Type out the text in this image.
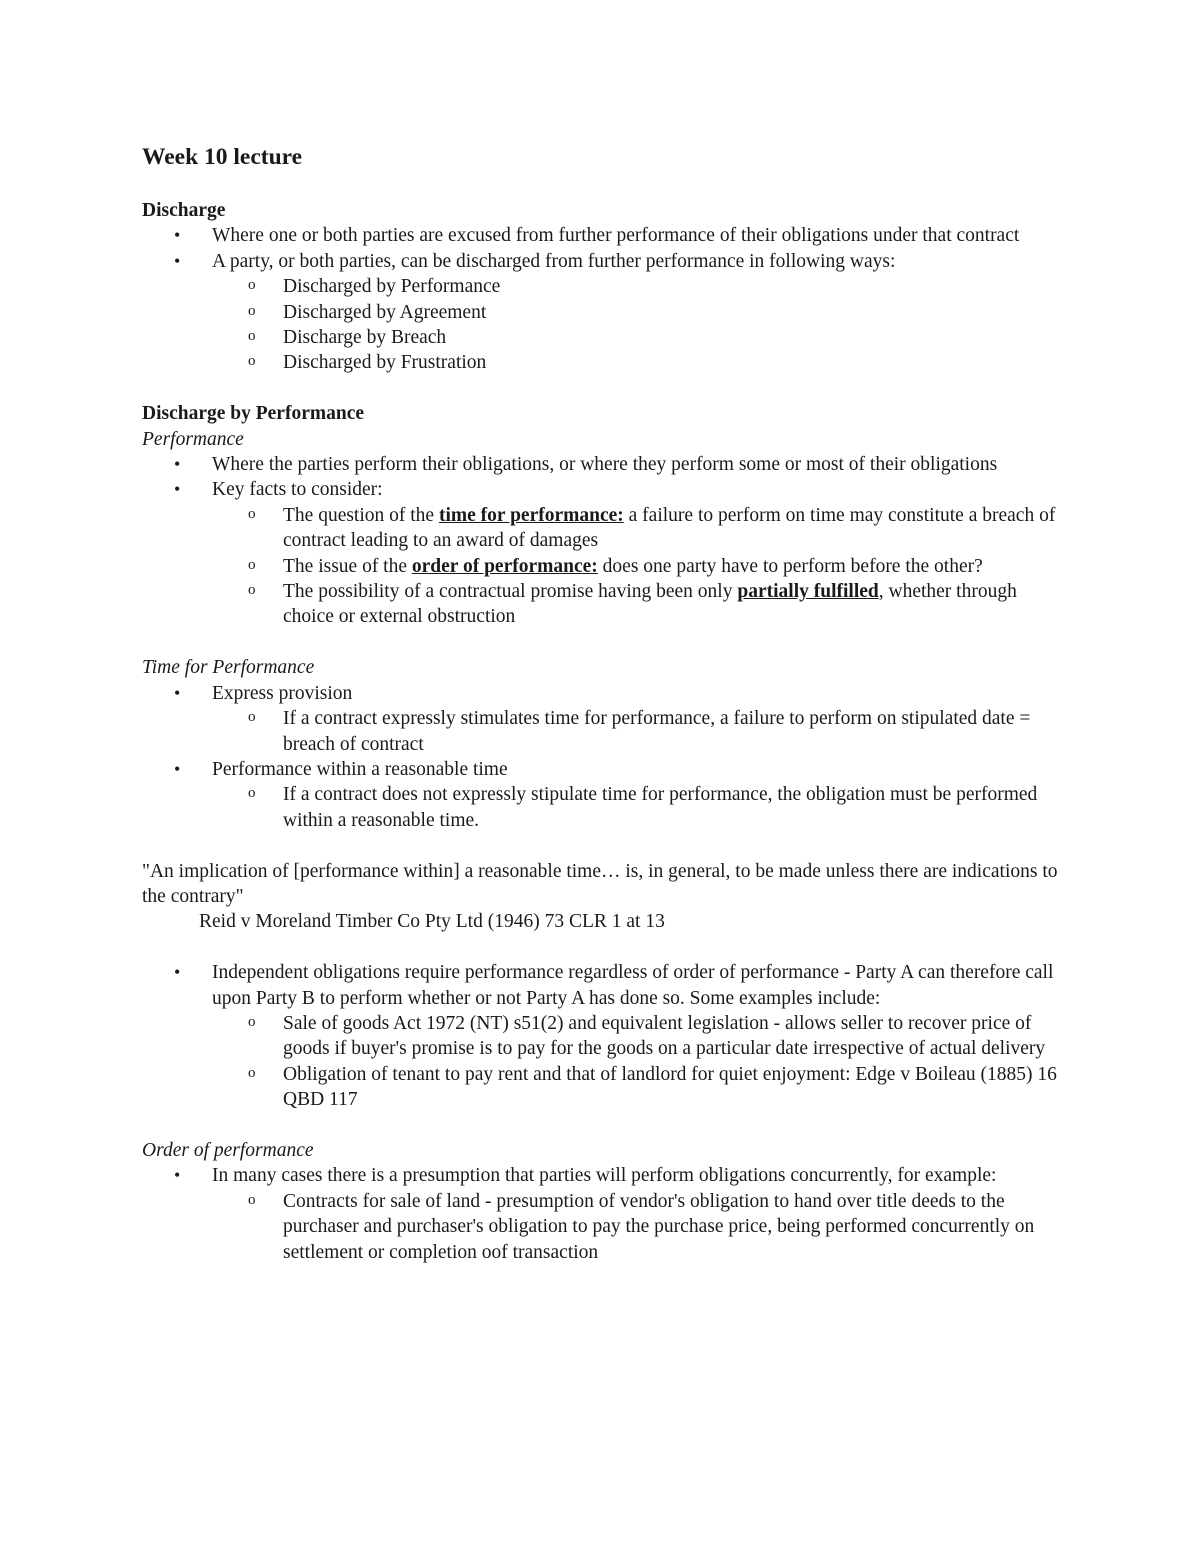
Week 10 lecture

Discharge

• Where one or both parties are excused from further performance of their obligations under that contract
• A party, or both parties, can be discharged from further performance in following ways:
o Discharged by Performance
o Discharged by Agreement
o Discharge by Breach
o Discharged by Frustration

Discharge by Performance

Performance

• Where the parties perform their obligations, or where they perform some or most of their obligations
• Key facts to consider:
o The question of the time for performance: a failure to perform on time may constitute a breach of contract leading to an award of damages
o The issue of the order of performance: does one party have to perform before the other?
o The possibility of a contractual promise having been only partially fulfilled, whether through choice or external obstruction

Time for Performance

• Express provision
o If a contract expressly stimulates time for performance, a failure to perform on stipulated date = breach of contract
• Performance within a reasonable time
o If a contract does not expressly stipulate time for performance, the obligation must be performed within a reasonable time.

"An implication of [performance within] a reasonable time… is, in general, to be made unless there are indications to the contrary"

Reid v Moreland Timber Co Pty Ltd (1946) 73 CLR 1 at 13

• Independent obligations require performance regardless of order of performance - Party A can therefore call upon Party B to perform whether or not Party A has done so. Some examples include:
o Sale of goods Act 1972 (NT) s51(2) and equivalent legislation - allows seller to recover price of goods if buyer's promise is to pay for the goods on a particular date irrespective of actual delivery
o Obligation of tenant to pay rent and that of landlord for quiet enjoyment: Edge v Boileau (1885) 16 QBD 117

Order of performance

• In many cases there is a presumption that parties will perform obligations concurrently, for example:
o Contracts for sale of land - presumption of vendor's obligation to hand over title deeds to the purchaser and purchaser's obligation to pay the purchase price, being performed concurrently on settlement or completion oof transaction
